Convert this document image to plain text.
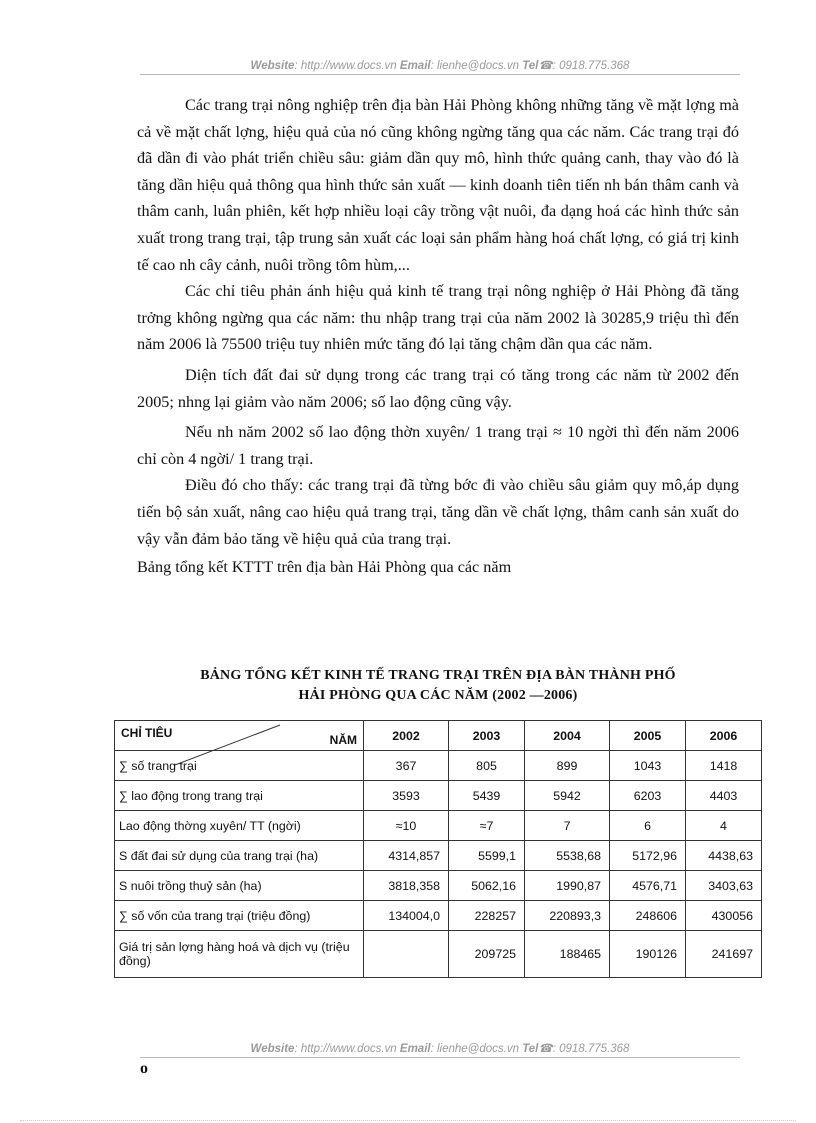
Website: http://www.docs.vn Email: lienhe@docs.vn Tel☎: 0918.775.368

Các trang trại nông nghiệp trên địa bàn Hải Phòng không những tăng về mặt lợng mà cả về mặt chất lợng, hiệu quả của nó cũng không ngừng tăng qua các năm. Các trang trại đó đã dần đi vào phát triển chiều sâu: giảm dần quy mô, hình thức quảng canh, thay vào đó là tăng dần hiệu quả thông qua hình thức sản xuất — kinh doanh tiên tiến nh bán thâm canh và thâm canh, luân phiên, kết hợp nhiều loại cây trồng vật nuôi, đa dạng hoá các hình thức sản xuất trong trang trại, tập trung sản xuất các loại sản phẩm hàng hoá chất lợng, có giá trị kinh tế cao nh cây cảnh, nuôi trồng tôm hùm,...

Các chỉ tiêu phản ánh hiệu quả kinh tế trang trại nông nghiệp ở Hải Phòng đã tăng trởng không ngừng qua các năm: thu nhập trang trại của năm 2002 là 30285,9 triệu thì đến năm 2006 là 75500 triệu tuy nhiên mức tăng đó lại tăng chậm dần qua các năm.

Diện tích đất đai sử dụng trong các trang trại có tăng trong các năm từ 2002 đến 2005; nhng lại giảm vào năm 2006; số lao động cũng vậy.

Nếu nh năm 2002 số lao động thờn xuyên/ 1 trang trại ≈ 10 ngời thì đến năm 2006 chỉ còn 4 ngời/ 1 trang trại.

Điều đó cho thấy: các trang trại đã từng bớc đi vào chiều sâu giảm quy mô,áp dụng tiến bộ sản xuất, nâng cao hiệu quả trang trại, tăng dần về chất lợng, thâm canh sản xuất do vậy vẫn đảm bảo tăng về hiệu quả của trang trại.

Bảng tổng kết KTTT trên địa bàn Hải Phòng qua các năm

BẢNG TỔNG KẾT KINH TẾ TRANG TRẠI TRÊN ĐỊA BÀN THÀNH PHỐ
HẢI PHÒNG QUA CÁC NĂM (2002 —2006)
CHỈ TIÊU NĂM	2002	2003	2004	2005	2006
∑ số trang trại	367	805	899	1043	1418
∑ lao động trong trang trại	3593	5439	5942	6203	4403
Lao động thờng xuyên/ TT (ngời)	≈10	≈7	7	6	4
S đất đai sử dụng của trang trại (ha)	4314,857	5599,1	5538,68	5172,96	4438,63
S nuôi trồng thuỷ sản (ha)	3818,358	5062,16	1990,87	4576,71	3403,63
∑ số vốn của trang trại (triệu đồng)	134004,0	228257	220893,3	248606	430056
Giá trị sản lợng hàng hoá và dịch vụ (triệu đồng)		209725	188465	190126	241697
Website: http://www.docs.vn Email: lienhe@docs.vn Tel☎: 0918.775.368
o
